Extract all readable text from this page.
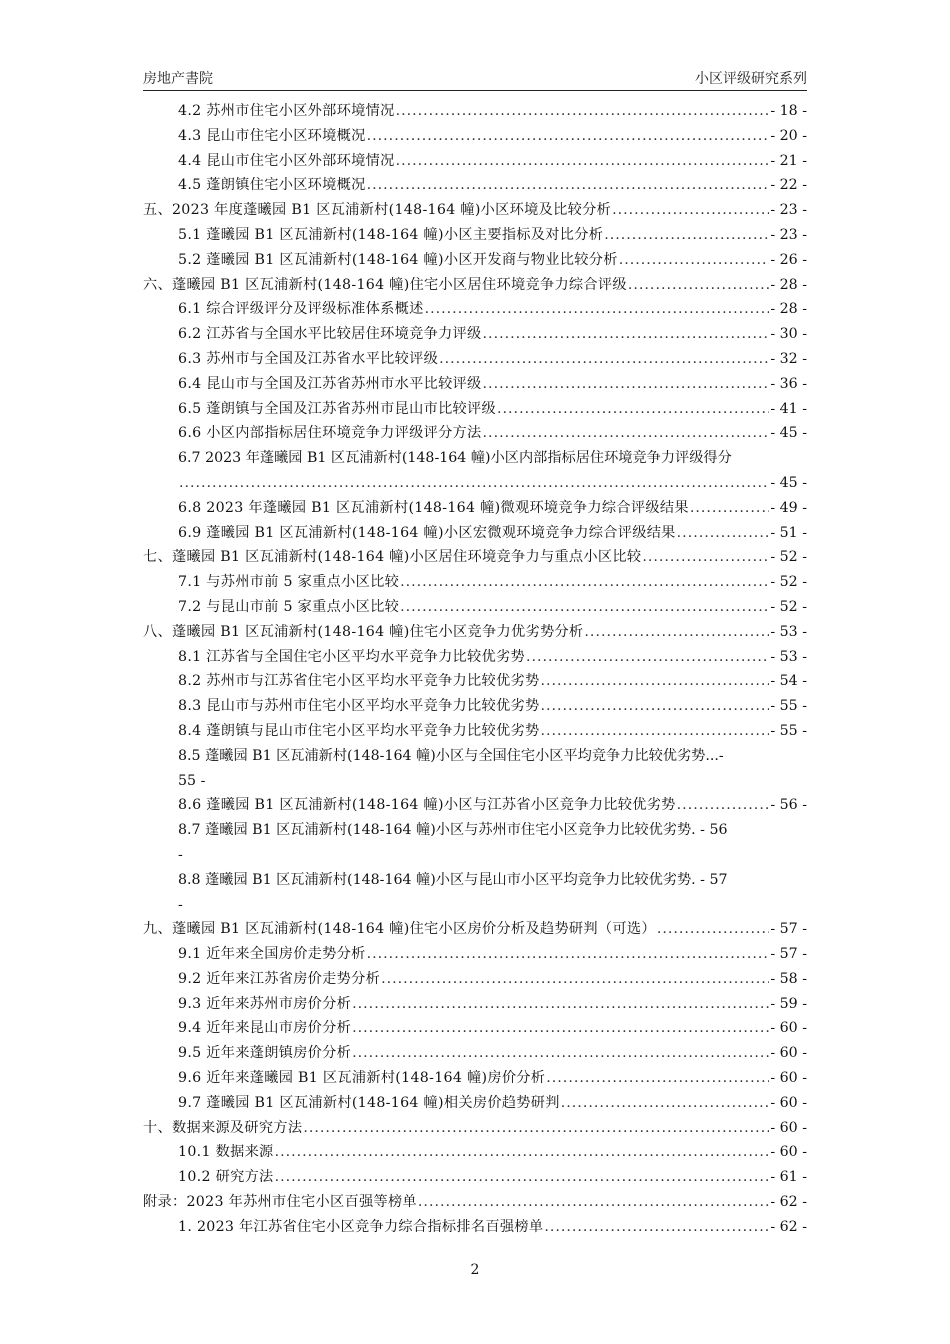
房地产書院	小区评级研究系列
4.2 苏州市住宅小区外部环境情况 .....	- 18 -
4.3 昆山市住宅小区环境概况 .....	- 20 -
4.4 昆山市住宅小区外部环境情况 .....	- 21 -
4.5 蓬朗镇住宅小区环境概况 .....	- 22 -
五、2023 年度蓬曦园 B1 区瓦浦新村(148-164 幢)小区环境及比较分析 .....	- 23 -
5.1 蓬曦园 B1 区瓦浦新村(148-164 幢)小区主要指标及对比分析 .....	- 23 -
5.2 蓬曦园 B1 区瓦浦新村(148-164 幢)小区开发商与物业比较分析 .....	- 26 -
六、蓬曦园 B1 区瓦浦新村(148-164 幢)住宅小区居住环境竞争力综合评级 .....	- 28 -
6.1 综合评级评分及评级标准体系概述 .....	- 28 -
6.2 江苏省与全国水平比较居住环境竞争力评级 .....	- 30 -
6.3 苏州市与全国及江苏省水平比较评级 .....	- 32 -
6.4 昆山市与全国及江苏省苏州市水平比较评级 .....	- 36 -
6.5 蓬朗镇与全国及江苏省苏州市昆山市比较评级 .....	- 41 -
6.6 小区内部指标居住环境竞争力评级评分方法 .....	- 45 -
6.7 2023 年蓬曦园 B1 区瓦浦新村(148-164 幢)小区内部指标居住环境竞争力评级得分
.....
- 45 -
6.8 2023 年蓬曦园 B1 区瓦浦新村(148-164 幢)微观环境竞争力综合评级结果 .....	- 49 -
6.9 蓬曦园 B1 区瓦浦新村(148-164 幢)小区宏微观环境竞争力综合评级结果 .....	- 51 -
七、蓬曦园 B1 区瓦浦新村(148-164 幢)小区居住环境竞争力与重点小区比较 .....	- 52 -
7.1 与苏州市前 5 家重点小区比较 .....	- 52 -
7.2 与昆山市前 5 家重点小区比较 .....	- 52 -
八、蓬曦园 B1 区瓦浦新村(148-164 幢)住宅小区竞争力优劣势分析 .....	- 53 -
8.1 江苏省与全国住宅小区平均水平竞争力比较优劣势 .....	- 53 -
8.2 苏州市与江苏省住宅小区平均水平竞争力比较优劣势 .....	- 54 -
8.3 昆山市与苏州市住宅小区平均水平竞争力比较优劣势 .....	- 55 -
8.4 蓬朗镇与昆山市住宅小区平均水平竞争力比较优劣势 .....	- 55 -
8.5 蓬曦园 B1 区瓦浦新村(148-164 幢)小区与全国住宅小区平均竞争力比较优劣势...-
55 -
8.6 蓬曦园 B1 区瓦浦新村(148-164 幢)小区与江苏省小区竞争力比较优劣势 .....	- 56 -
8.7 蓬曦园 B1 区瓦浦新村(148-164 幢)小区与苏州市住宅小区竞争力比较优劣势. - 56
-
8.8 蓬曦园 B1 区瓦浦新村(148-164 幢)小区与昆山市小区平均竞争力比较优劣势. - 57
-
九、蓬曦园 B1 区瓦浦新村(148-164 幢)住宅小区房价分析及趋势研判（可选） .....	- 57 -
9.1 近年来全国房价走势分析 .....	- 57 -
9.2 近年来江苏省房价走势分析 .....	- 58 -
9.3 近年来苏州市房价分析 .....	- 59 -
9.4 近年来昆山市房价分析 .....	- 60 -
9.5 近年来蓬朗镇房价分析 .....	- 60 -
9.6 近年来蓬曦园 B1 区瓦浦新村(148-164 幢)房价分析 .....	- 60 -
9.7 蓬曦园 B1 区瓦浦新村(148-164 幢)相关房价趋势研判 .....	- 60 -
十、数据来源及研究方法 .....	- 60 -
10.1 数据来源 .....	- 60 -
10.2 研究方法 .....	- 61 -
附录：2023 年苏州市住宅小区百强等榜单 .....	- 62 -
1. 2023 年江苏省住宅小区竞争力综合指标排名百强榜单 .....	- 62 -
2
